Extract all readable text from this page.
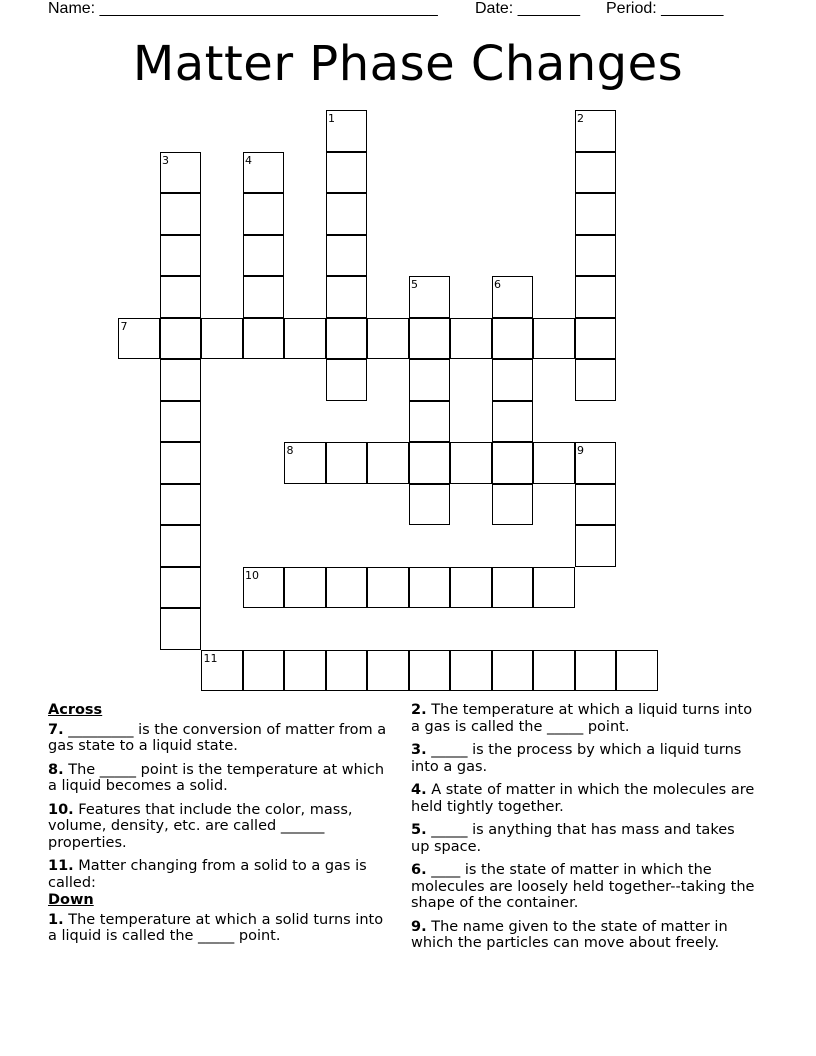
Name: ______________________________________ Date: _______ Period: _______
Matter Phase Changes
1	2
3	4
5	6
7
8	9
10
11
Across
7. _________ is the conversion of matter from a gas state to a liquid state.
8. The _____ point is the temperature at which a liquid becomes a solid.
10. Features that include the color, mass, volume, density, etc. are called ______ properties.
11. Matter changing from a solid to a gas is called:
Down
1. The temperature at which a solid turns into a liquid is called the _____ point.
2. The temperature at which a liquid turns into a gas is called the _____ point.
3. _____ is the process by which a liquid turns into a gas.
4. A state of matter in which the molecules are held tightly together.
5. _____ is anything that has mass and takes up space.
6. ____ is the state of matter in which the molecules are loosely held together--taking the shape of the container.
9. The name given to the state of matter in which the particles can move about freely.
